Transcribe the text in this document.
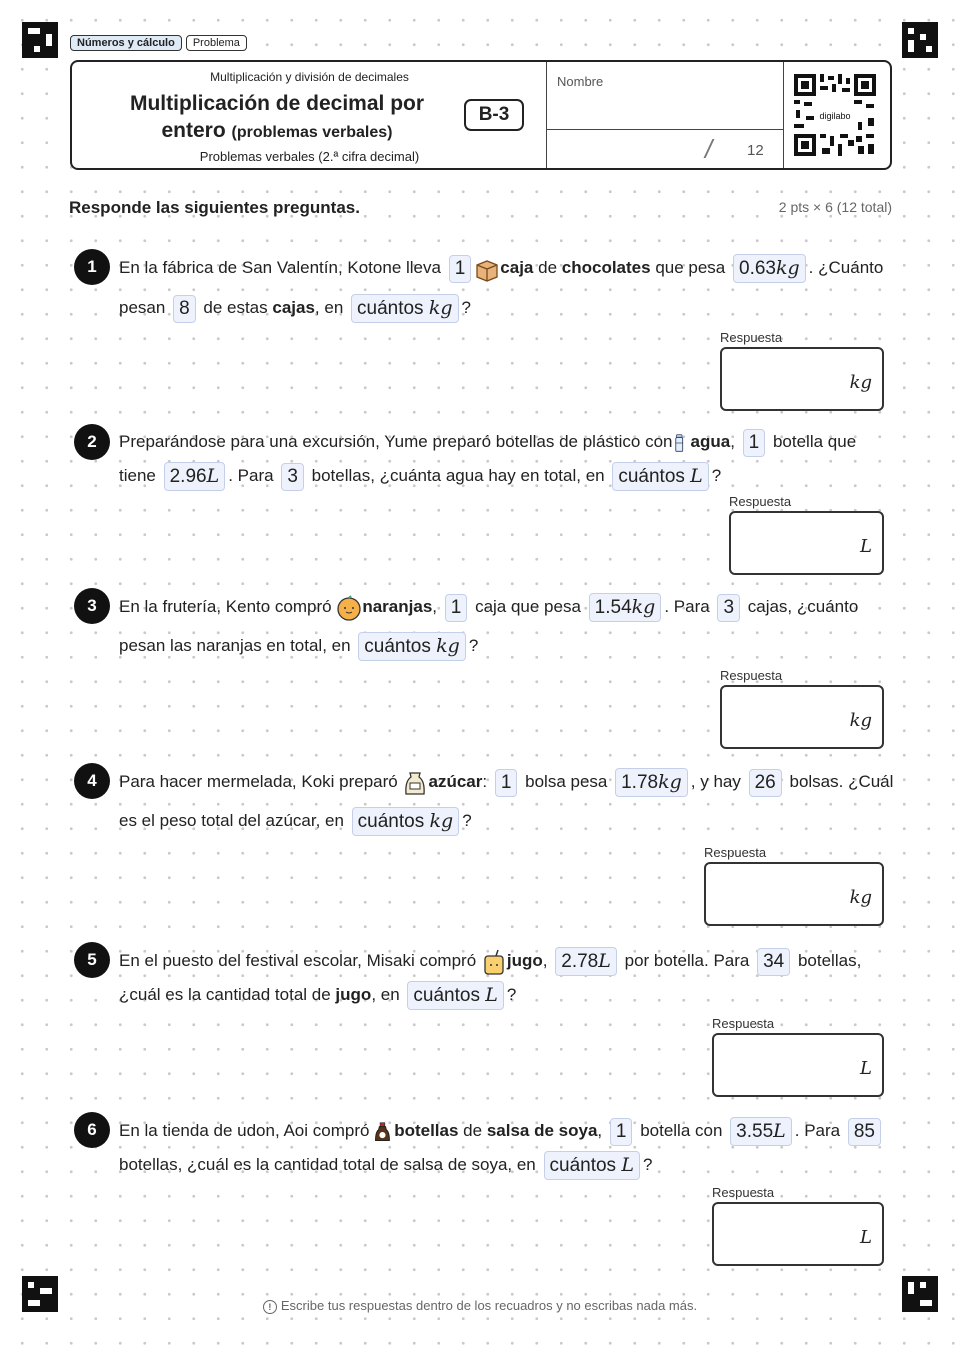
Números y cálculo	Problema
Multiplicación y división de decimales
Multiplicación de decimal por
entero (problemas verbales)
B-3
Problemas verbales (2.ª cifra decimal)
Nombre
/ 12
digilabo
Responde las siguientes preguntas.	2 pts × 6 (12 total)
1	En la fábrica de San Valentín, Kotone lleva 1 caja de chocolates que pesa 0.63kg . ¿Cuánto
pesan 8 de estas cajas, en cuántos kg ?
Respuesta
kg
2	Preparándose para una excursión, Yume preparó botellas de plástico con agua, 1 botella que
tiene 2.96L . Para 3 botellas, ¿cuánta agua hay en total, en cuántos L ?
Respuesta
L
3	En la frutería, Kento compró naranjas, 1 caja que pesa 1.54kg . Para 3 cajas, ¿cuánto
pesan las naranjas en total, en cuántos kg ?
Respuesta
kg
4	Para hacer mermelada, Koki preparó azúcar: 1 bolsa pesa 1.78kg , y hay 26 bolsas. ¿Cuál
es el peso total del azúcar, en cuántos kg ?
Respuesta
kg
5	En el puesto del festival escolar, Misaki compró jugo, 2.78L por botella. Para 34 botellas,
¿cuál es la cantidad total de jugo, en cuántos L ?
Respuesta
L
6	En la tienda de udon, Aoi compró botellas de salsa de soya, 1 botella con 3.55L . Para 85
botellas, ¿cuál es la cantidad total de salsa de soya, en cuántos L ?
Respuesta
L
! Escribe tus respuestas dentro de los recuadros y no escribas nada más.
